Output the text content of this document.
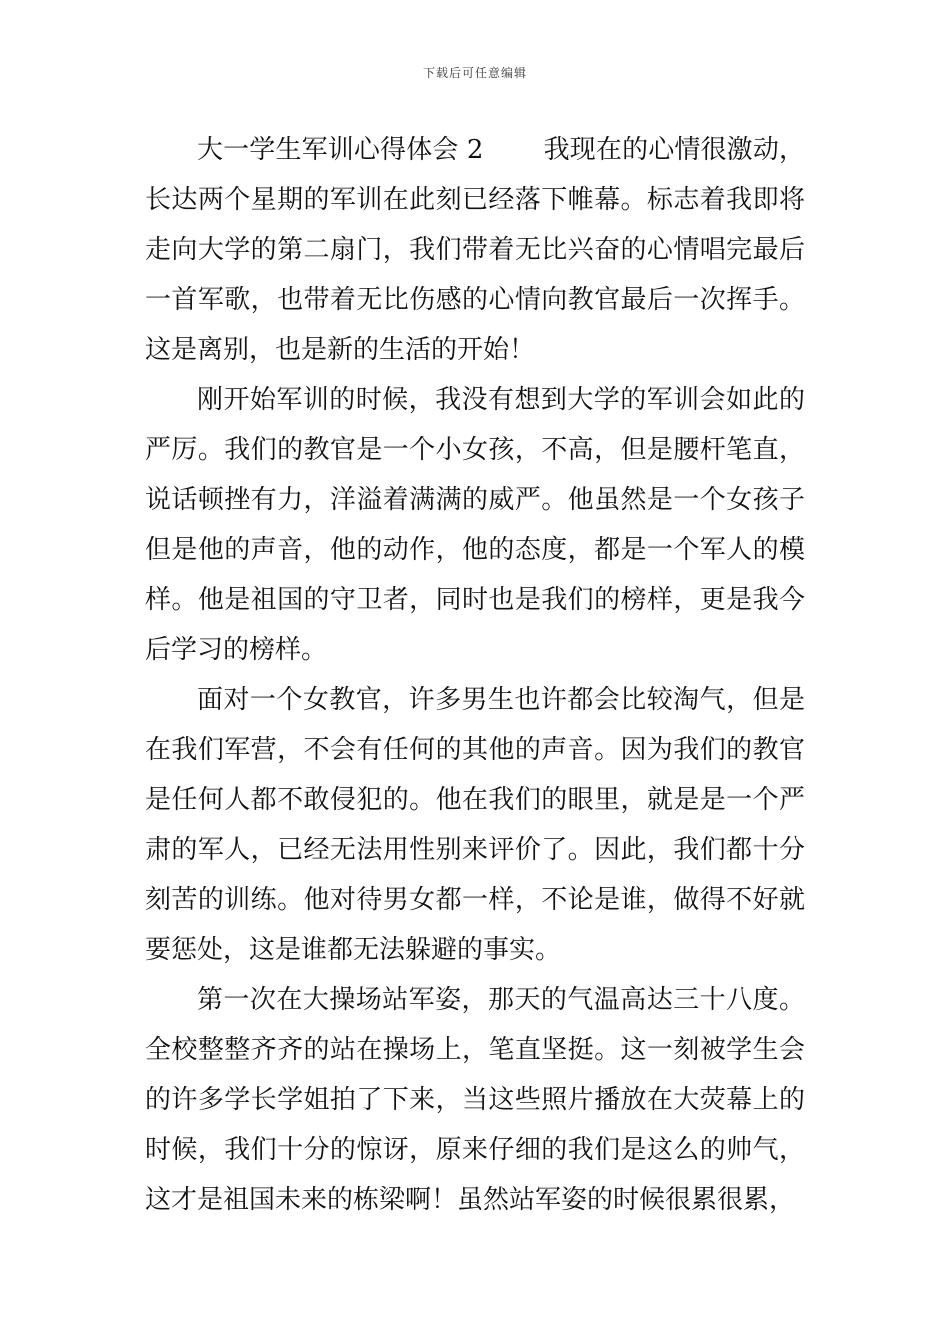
下载后可任意编辑

大一学生军训心得体会 2 我现在的心情很激动，长达两个星期的军训在此刻已经落下帷幕。标志着我即将走向大学的第二扇门，我们带着无比兴奋的心情唱完最后一首军歌，也带着无比伤感的心情向教官最后一次挥手。这是离别，也是新的生活的开始！

刚开始军训的时候，我没有想到大学的军训会如此的严厉。我们的教官是一个小女孩，不高，但是腰杆笔直，说话顿挫有力，洋溢着满满的威严。他虽然是一个女孩子但是他的声音，他的动作，他的态度，都是一个军人的模样。他是祖国的守卫者，同时也是我们的榜样，更是我今后学习的榜样。

面对一个女教官，许多男生也许都会比较淘气，但是在我们军营，不会有任何的其他的声音。因为我们的教官是任何人都不敢侵犯的。他在我们的眼里，就是是一个严肃的军人，已经无法用性别来评价了。因此，我们都十分刻苦的训练。他对待男女都一样，不论是谁，做得不好就要惩处，这是谁都无法躲避的事实。

第一次在大操场站军姿，那天的气温高达三十八度。全校整整齐齐的站在操场上，笔直坚挺。这一刻被学生会的许多学长学姐拍了下来，当这些照片播放在大荧幕上的时候，我们十分的惊讶，原来仔细的我们是这么的帅气，这才是祖国未来的栋梁啊！虽然站军姿的时候很累很累，
